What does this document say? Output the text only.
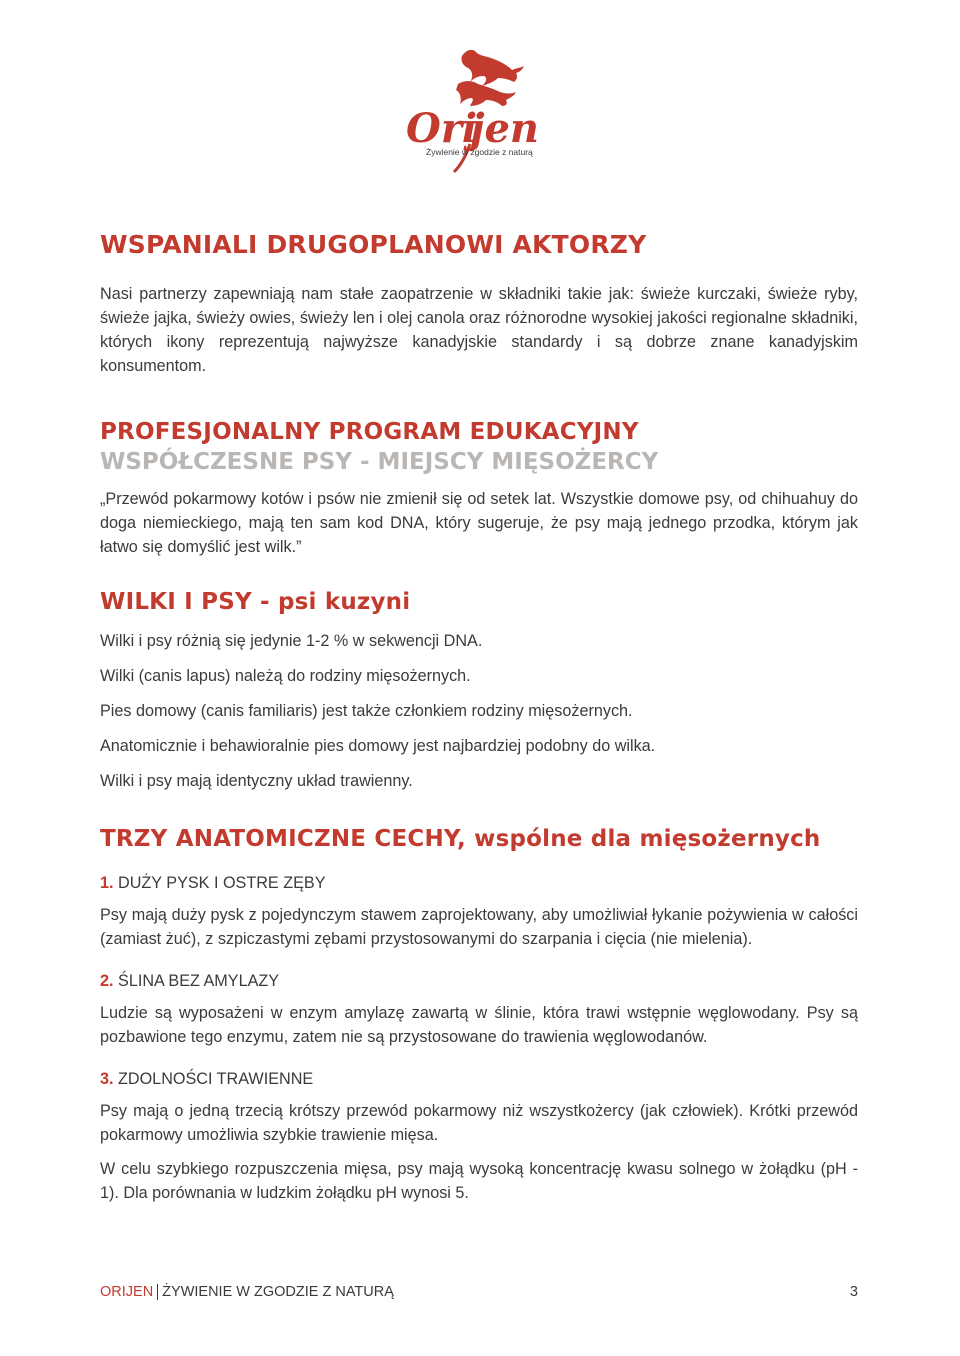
Ori
jen
Żywienie w zgodzie z naturą
WSPANIALI DRUGOPLANOWI AKTORZY

Nasi partnerzy zapewniają nam stałe zaopatrzenie w składniki takie jak: świeże kurczaki, świeże ryby, świeże jajka, świeży owies, świeży len i olej canola oraz różnorodne wysokiej jakości regionalne składniki, których ikony reprezentują najwyższe kanadyjskie standardy i są dobrze znane kanadyjskim konsumentom.

PROFESJONALNY PROGRAM EDUKACYJNY
WSPÓŁCZESNE PSY - MIEJSCY MIĘSOŻERCY

„Przewód pokarmowy kotów i psów nie zmienił się od setek lat. Wszystkie domowe psy, od chihuahuy do doga niemieckiego, mają ten sam kod DNA, który sugeruje, że psy mają jednego przodka, którym jak łatwo się domyślić jest wilk.”

WILKI I PSY - psi kuzyni

Wilki i psy różnią się jedynie 1-2 % w sekwencji DNA.

Wilki (canis lapus) należą do rodziny mięsożernych.

Pies domowy (canis familiaris) jest także członkiem rodziny mięsożernych.

Anatomicznie i behawioralnie pies domowy jest najbardziej podobny do wilka.

Wilki i psy mają identyczny układ trawienny.

TRZY ANATOMICZNE CECHY, wspólne dla mięsożernych
1. DUŻY PYSK I OSTRE ZĘBY

Psy mają duży pysk z pojedynczym stawem zaprojektowany, aby umożliwiał łykanie pożywienia w całości (zamiast żuć), z szpiczastymi zębami przystosowanymi do szarpania i cięcia (nie mielenia).

2. ŚLINA BEZ AMYLAZY

Ludzie są wyposażeni w enzym amylazę zawartą w ślinie, która trawi wstępnie węglowodany. Psy są pozbawione tego enzymu, zatem nie są przystosowane do trawienia węglowodanów.

3. ZDOLNOŚCI TRAWIENNE

Psy mają o jedną trzecią krótszy przewód pokarmowy niż wszystkożercy (jak człowiek). Krótki przewód pokarmowy umożliwia szybkie trawienie mięsa.

W celu szybkiego rozpuszczenia mięsa, psy mają wysoką koncentrację kwasu solnego w żołądku (pH - 1). Dla porównania w ludzkim żołądku pH wynosi 5.

ORIJEN ŻYWIENIE W ZGODZIE Z NATURĄ	3
